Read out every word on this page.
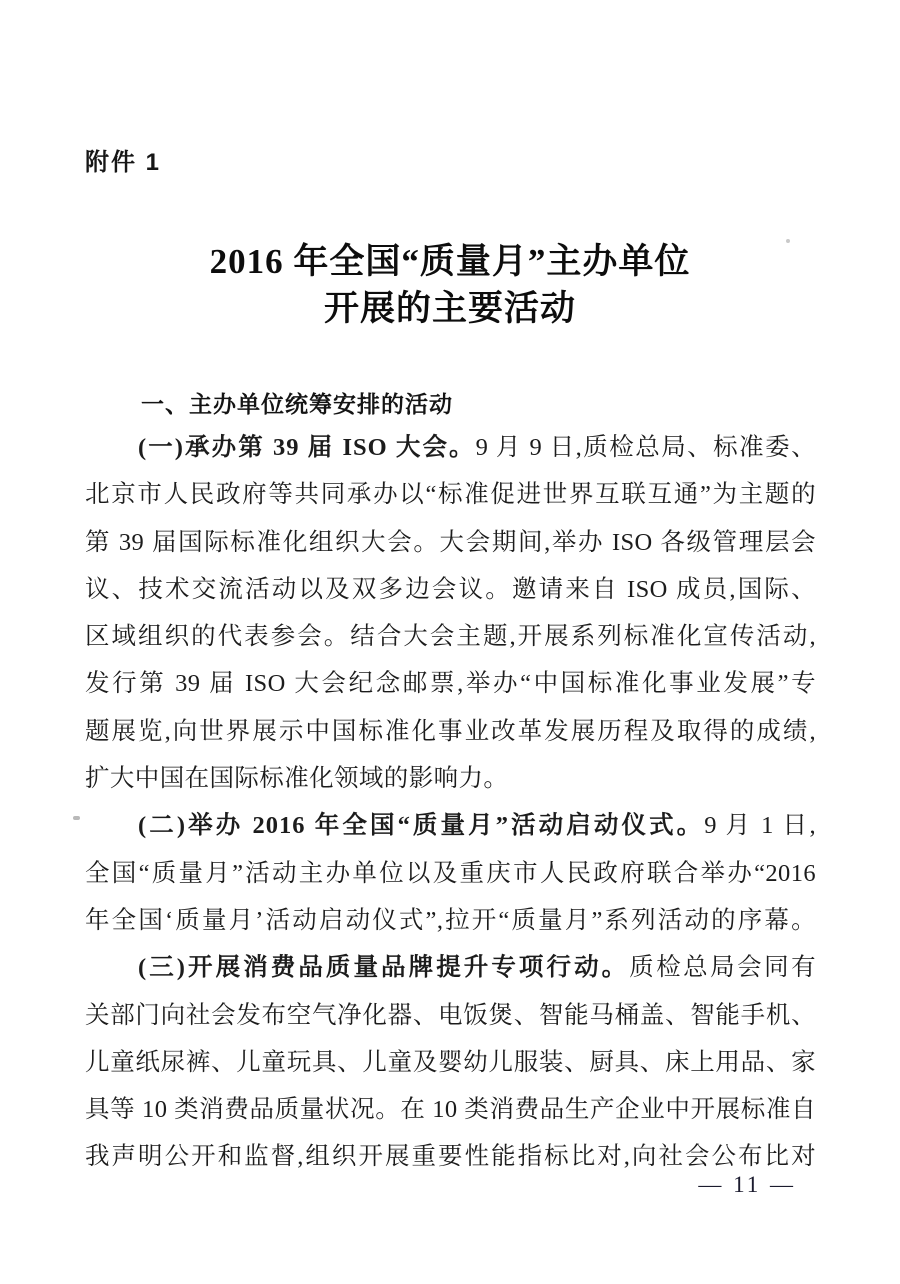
附件 1
2016 年全国“质量月”主办单位
开展的主要活动
一、主办单位统筹安排的活动
(一)承办第 39 届 ISO 大会。9 月 9 日,质检总局、标准委、
北京市人民政府等共同承办以“标准促进世界互联互通”为主题的
第 39 届国际标准化组织大会。大会期间,举办 ISO 各级管理层会
议、技术交流活动以及双多边会议。邀请来自 ISO 成员,国际、
区域组织的代表参会。结合大会主题,开展系列标准化宣传活动,
发行第 39 届 ISO 大会纪念邮票,举办“中国标准化事业发展”专
题展览,向世界展示中国标准化事业改革发展历程及取得的成绩,
扩大中国在国际标准化领域的影响力。
(二)举办 2016 年全国“质量月”活动启动仪式。9 月 1 日,
全国“质量月”活动主办单位以及重庆市人民政府联合举办“2016
年全国‘质量月’活动启动仪式”,拉开“质量月”系列活动的序幕。
(三)开展消费品质量品牌提升专项行动。质检总局会同有
关部门向社会发布空气净化器、电饭煲、智能马桶盖、智能手机、
儿童纸尿裤、儿童玩具、儿童及婴幼儿服装、厨具、床上用品、家
具等 10 类消费品质量状况。在 10 类消费品生产企业中开展标准自
我声明公开和监督,组织开展重要性能指标比对,向社会公布比对
— 11 —
